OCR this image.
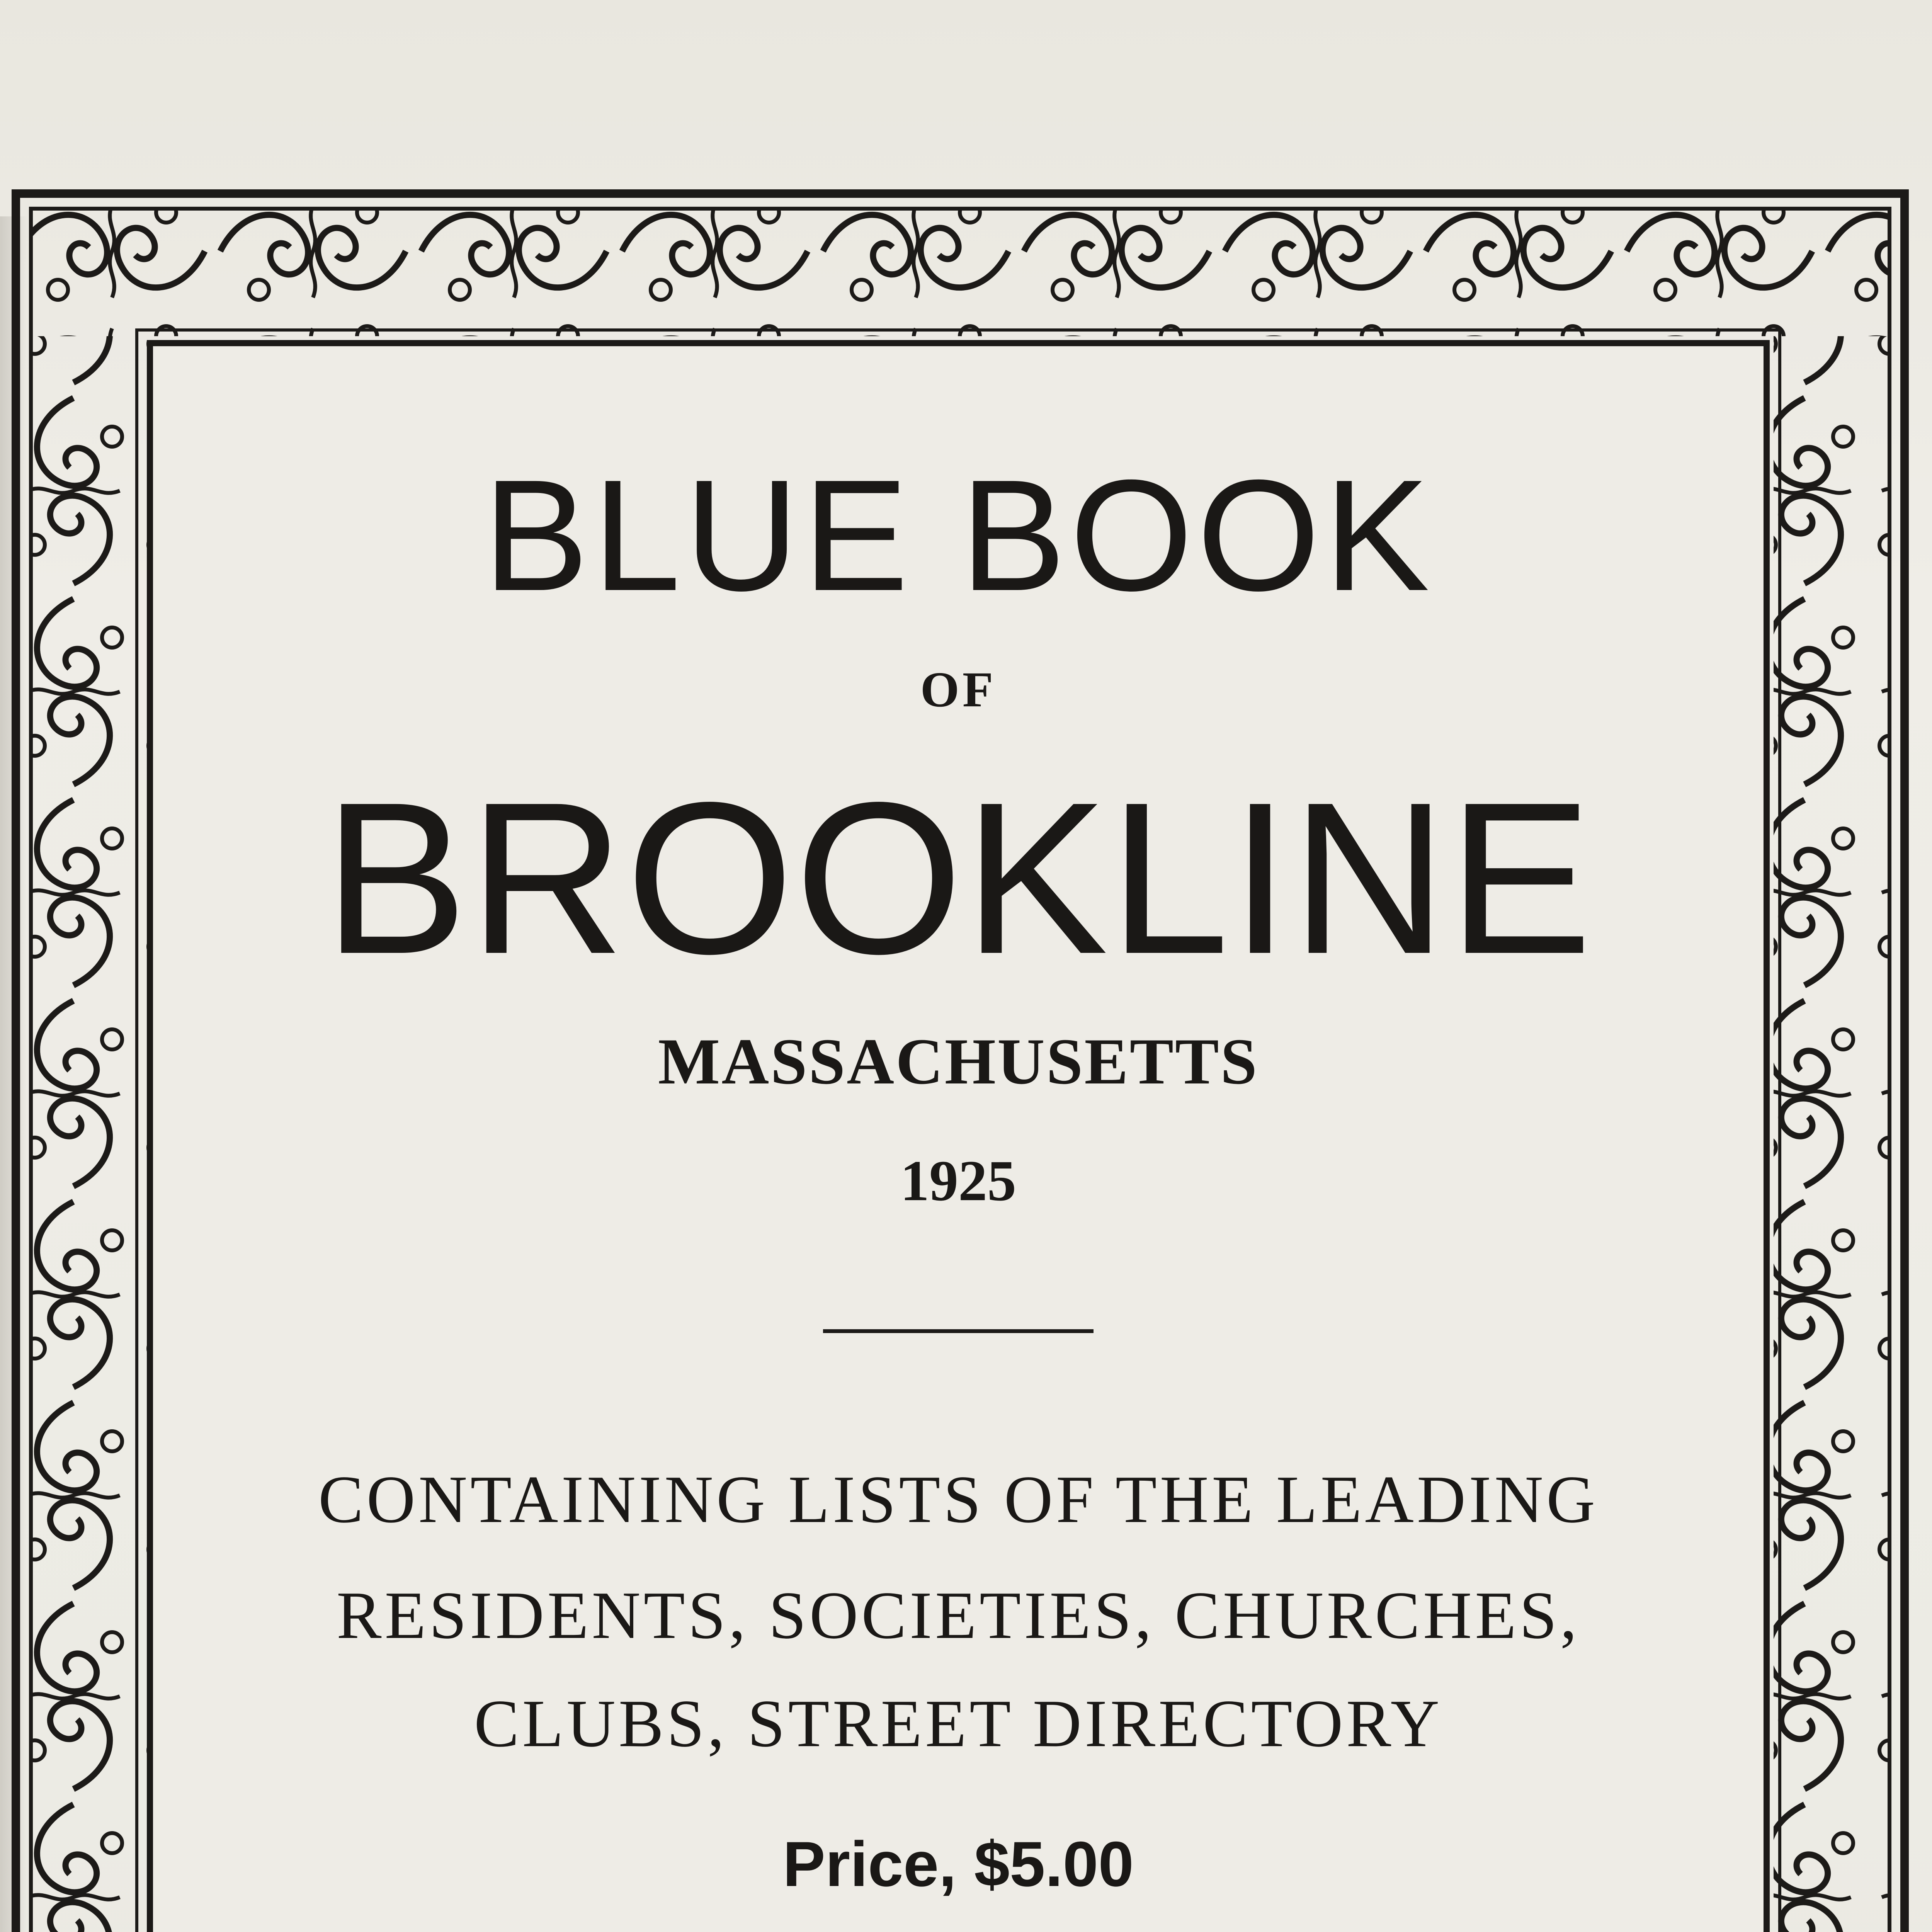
BLUE BOOK
OF
BROOKLINE
MASSACHUSETTS
1925
CONTAINING LISTS OF THE LEADING
RESIDENTS, SOCIETIES, CHURCHES,
CLUBS, STREET DIRECTORY
Price, $5.00
